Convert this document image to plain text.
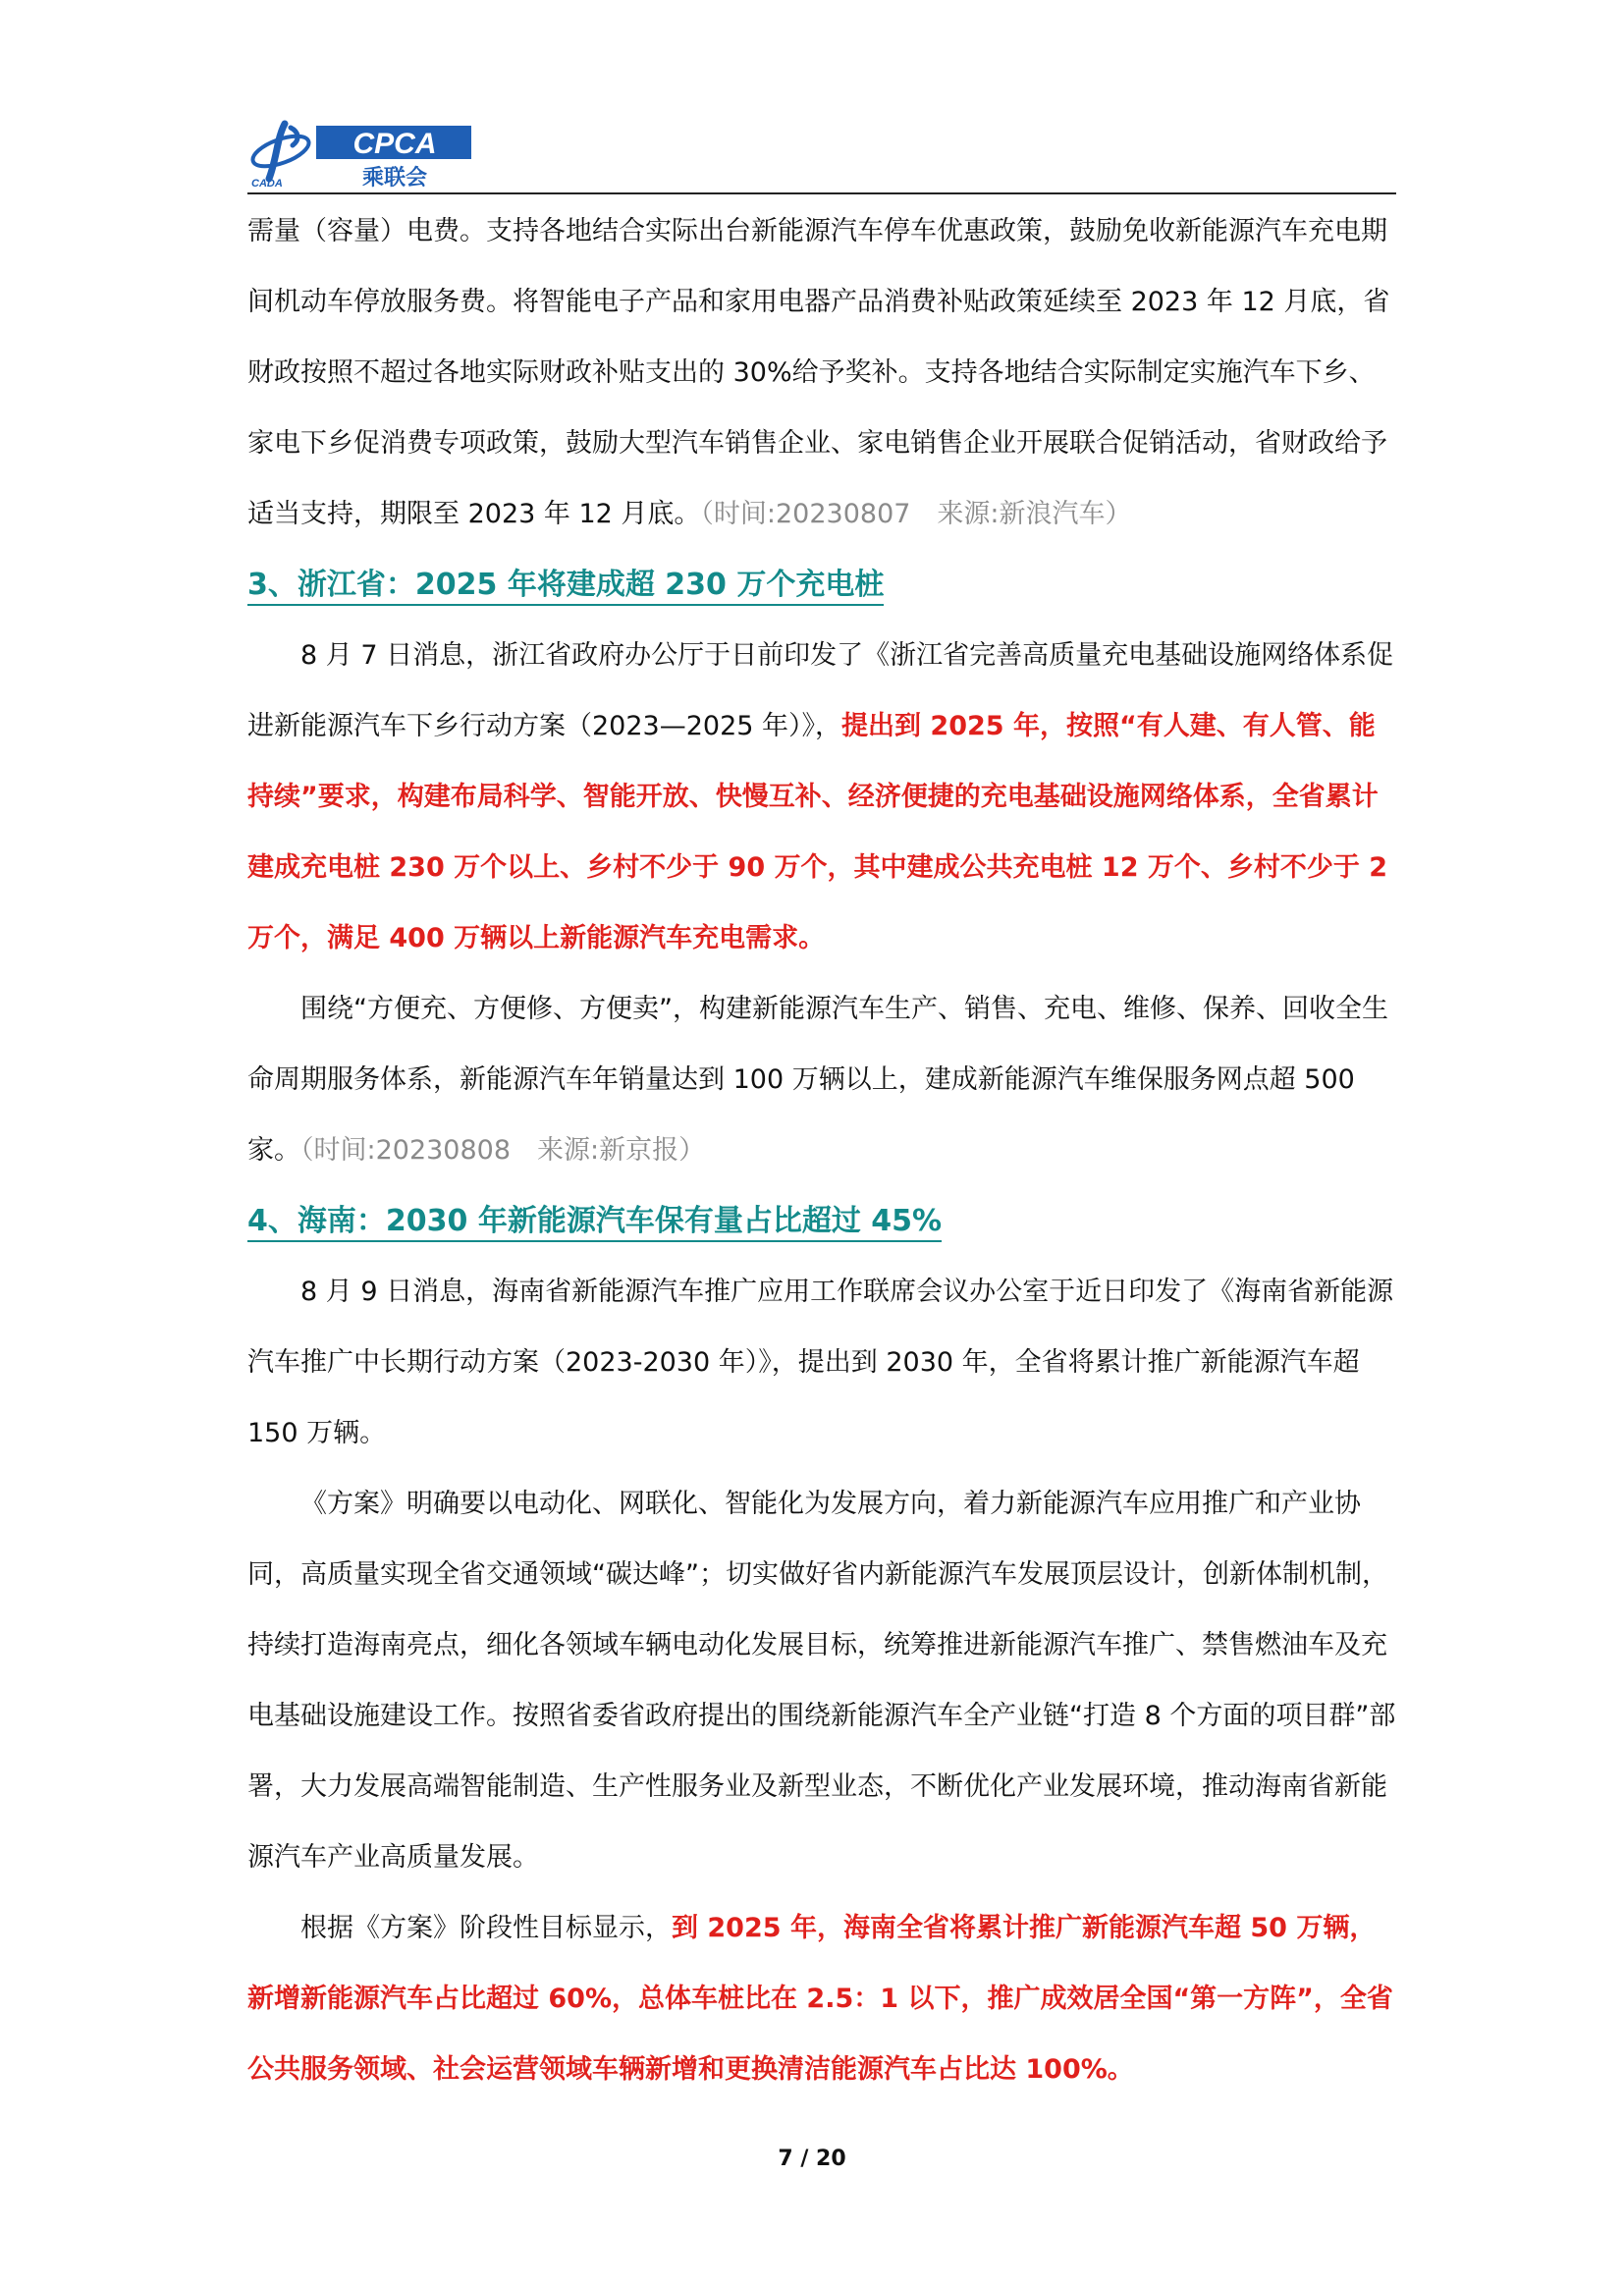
CPCA
乘联会
CADA

需量（容量）电费。支持各地结合实际出台新能源汽车停车优惠政策，鼓励免收新能源汽车充电期间机动车停放服务费。将智能电子产品和家用电器产品消费补贴政策延续至 2023 年 12 月底，省财政按照不超过各地实际财政补贴支出的 30%给予奖补。支持各地结合实际制定实施汽车下乡、家电下乡促消费专项政策，鼓励大型汽车销售企业、家电销售企业开展联合促销活动，省财政给予适当支持，期限至 2023 年 12 月底。（时间:20230807　来源:新浪汽车）

3、浙江省：2025 年将建成超 230 万个充电桩

8 月 7 日消息，浙江省政府办公厅于日前印发了《浙江省完善高质量充电基础设施网络体系促进新能源汽车下乡行动方案（2023—2025 年）》，提出到 2025 年，按照“有人建、有人管、能持续”要求，构建布局科学、智能开放、快慢互补、经济便捷的充电基础设施网络体系，全省累计建成充电桩 230 万个以上、乡村不少于 90 万个，其中建成公共充电桩 12 万个、乡村不少于 2 万个，满足 400 万辆以上新能源汽车充电需求。

围绕“方便充、方便修、方便卖”，构建新能源汽车生产、销售、充电、维修、保养、回收全生命周期服务体系，新能源汽车年销量达到 100 万辆以上，建成新能源汽车维保服务网点超 500 家。（时间:20230808　来源:新京报）

4、海南：2030 年新能源汽车保有量占比超过 45%

8 月 9 日消息，海南省新能源汽车推广应用工作联席会议办公室于近日印发了《海南省新能源汽车推广中长期行动方案（2023-2030 年）》，提出到 2030 年，全省将累计推广新能源汽车超 150 万辆。

《方案》明确要以电动化、网联化、智能化为发展方向，着力新能源汽车应用推广和产业协同，高质量实现全省交通领域“碳达峰”；切实做好省内新能源汽车发展顶层设计，创新体制机制，持续打造海南亮点，细化各领域车辆电动化发展目标，统筹推进新能源汽车推广、禁售燃油车及充电基础设施建设工作。按照省委省政府提出的围绕新能源汽车全产业链“打造 8 个方面的项目群”部署，大力发展高端智能制造、生产性服务业及新型业态，不断优化产业发展环境，推动海南省新能源汽车产业高质量发展。

根据《方案》阶段性目标显示，到 2025 年，海南全省将累计推广新能源汽车超 50 万辆，新增新能源汽车占比超过 60%，总体车桩比在 2.5：1 以下，推广成效居全国“第一方阵”，全省公共服务领域、社会运营领域车辆新增和更换清洁能源汽车占比达 100%。

7 / 20
